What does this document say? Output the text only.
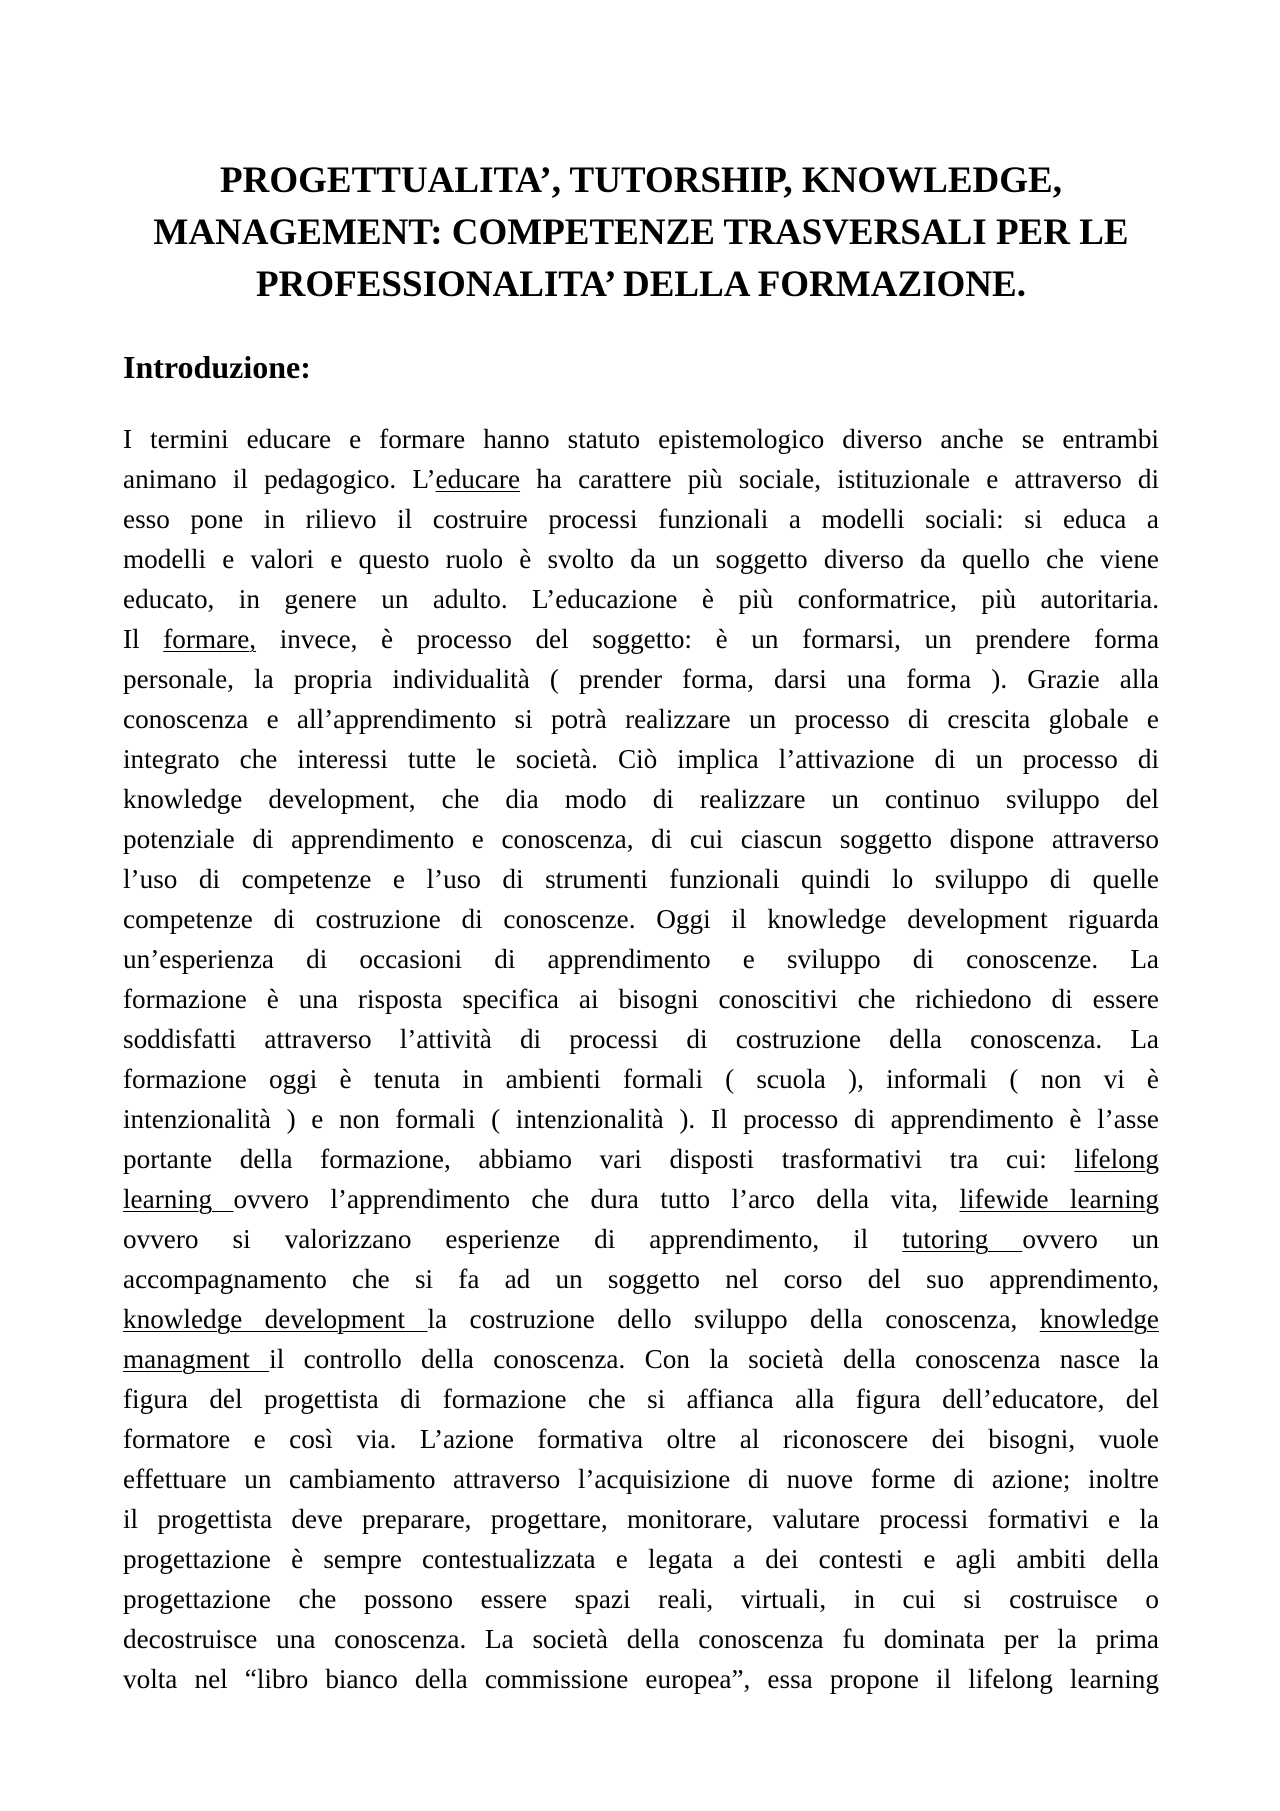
PROGETTUALITA’, TUTORSHIP, KNOWLEDGE,
MANAGEMENT: COMPETENZE TRASVERSALI PER LE
PROFESSIONALITA’ DELLA FORMAZIONE.
Introduzione:
I termini educare e formare hanno statuto epistemologico diverso anche se entrambi
animano il pedagogico. L’educare ha carattere più sociale, istituzionale e attraverso di
esso pone in rilievo il costruire processi funzionali a modelli sociali: si educa a
modelli e valori e questo ruolo è svolto da un soggetto diverso da quello che viene
educato, in genere un adulto. L’educazione è più conformatrice, più autoritaria.
Il formare, invece, è processo del soggetto: è un formarsi, un prendere forma
personale, la propria individualità ( prender forma, darsi una forma ). Grazie alla
conoscenza e all’apprendimento si potrà realizzare un processo di crescita globale e
integrato che interessi tutte le società. Ciò implica l’attivazione di un processo di
knowledge development, che dia modo di realizzare un continuo sviluppo del
potenziale di apprendimento e conoscenza, di cui ciascun soggetto dispone attraverso
l’uso di competenze e l’uso di strumenti funzionali quindi lo sviluppo di quelle
competenze di costruzione di conoscenze. Oggi il knowledge development riguarda
un’esperienza di occasioni di apprendimento e sviluppo di conoscenze. La
formazione è una risposta specifica ai bisogni conoscitivi che richiedono di essere
soddisfatti attraverso l’attività di processi di costruzione della conoscenza. La
formazione oggi è tenuta in ambienti formali ( scuola ), informali ( non vi è
intenzionalità ) e non formali ( intenzionalità ). Il processo di apprendimento è l’asse
portante della formazione, abbiamo vari disposti trasformativi tra cui: lifelong
learning ovvero l’apprendimento che dura tutto l’arco della vita, lifewide learning
ovvero si valorizzano esperienze di apprendimento, il tutoring ovvero un
accompagnamento che si fa ad un soggetto nel corso del suo apprendimento,
knowledge development la costruzione dello sviluppo della conoscenza, knowledge
managment il controllo della conoscenza. Con la società della conoscenza nasce la
figura del progettista di formazione che si affianca alla figura dell’educatore, del
formatore e così via. L’azione formativa oltre al riconoscere dei bisogni, vuole
effettuare un cambiamento attraverso l’acquisizione di nuove forme di azione; inoltre
il progettista deve preparare, progettare, monitorare, valutare processi formativi e la
progettazione è sempre contestualizzata e legata a dei contesti e agli ambiti della
progettazione che possono essere spazi reali, virtuali, in cui si costruisce o
decostruisce una conoscenza. La società della conoscenza fu dominata per la prima
volta nel “libro bianco della commissione europea”, essa propone il lifelong learning
